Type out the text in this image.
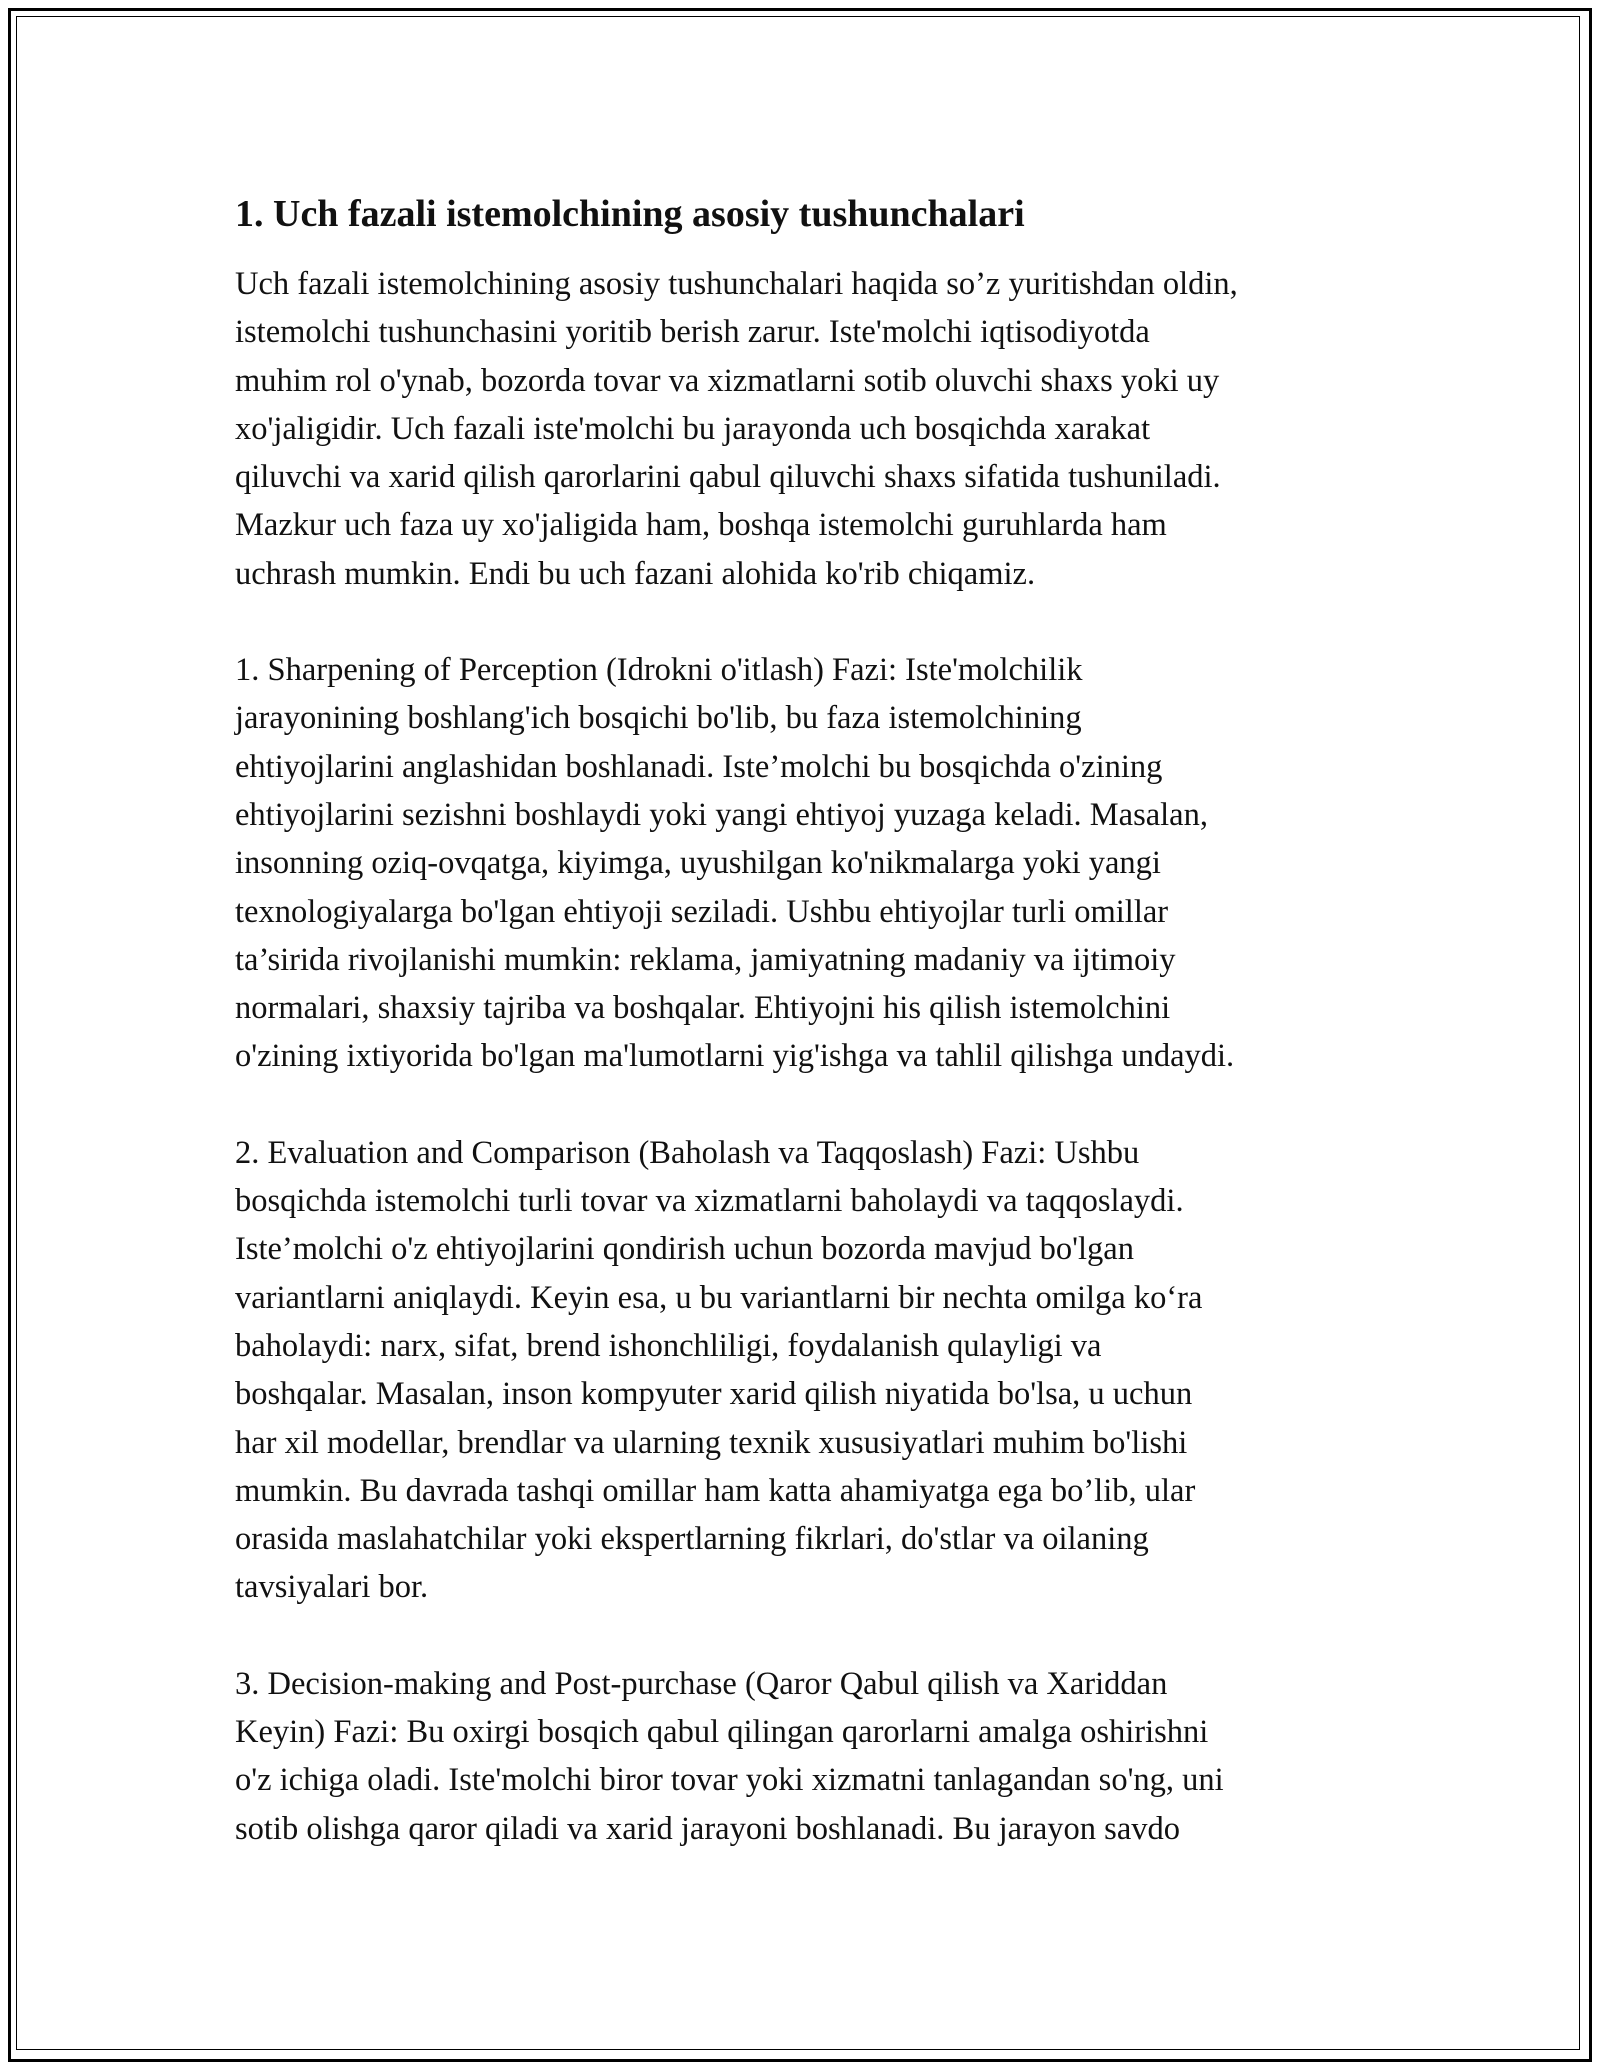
1. Uch fazali istemolchining asosiy tushunchalari

Uch fazali istemolchining asosiy tushunchalari haqida so’z yuritishdan oldin,
istemolchi tushunchasini yoritib berish zarur. Iste'molchi iqtisodiyotda
muhim rol o'ynab, bozorda tovar va xizmatlarni sotib oluvchi shaxs yoki uy
xo'jaligidir. Uch fazali iste'molchi bu jarayonda uch bosqichda xarakat
qiluvchi va xarid qilish qarorlarini qabul qiluvchi shaxs sifatida tushuniladi.
Mazkur uch faza uy xo'jaligida ham, boshqa istemolchi guruhlarda ham
uchrash mumkin. Endi bu uch fazani alohida ko'rib chiqamiz.

1. Sharpening of Perception (Idrokni o'itlash) Fazi: Iste'molchilik
jarayonining boshlang'ich bosqichi bo'lib, bu faza istemolchining
ehtiyojlarini anglashidan boshlanadi. Iste’molchi bu bosqichda o'zining
ehtiyojlarini sezishni boshlaydi yoki yangi ehtiyoj yuzaga keladi. Masalan,
insonning oziq-ovqatga, kiyimga, uyushilgan ko'nikmalarga yoki yangi
texnologiyalarga bo'lgan ehtiyoji seziladi. Ushbu ehtiyojlar turli omillar
ta’sirida rivojlanishi mumkin: reklama, jamiyatning madaniy va ijtimoiy
normalari, shaxsiy tajriba va boshqalar. Ehtiyojni his qilish istemolchini
o'zining ixtiyorida bo'lgan ma'lumotlarni yig'ishga va tahlil qilishga undaydi.

2. Evaluation and Comparison (Baholash va Taqqoslash) Fazi: Ushbu
bosqichda istemolchi turli tovar va xizmatlarni baholaydi va taqqoslaydi.
Iste’molchi o'z ehtiyojlarini qondirish uchun bozorda mavjud bo'lgan
variantlarni aniqlaydi. Keyin esa, u bu variantlarni bir nechta omilga ko‘ra
baholaydi: narx, sifat, brend ishonchliligi, foydalanish qulayligi va
boshqalar. Masalan, inson kompyuter xarid qilish niyatida bo'lsa, u uchun
har xil modellar, brendlar va ularning texnik xususiyatlari muhim bo'lishi
mumkin. Bu davrada tashqi omillar ham katta ahamiyatga ega bo’lib, ular
orasida maslahatchilar yoki ekspertlarning fikrlari, do'stlar va oilaning
tavsiyalari bor.

3. Decision-making and Post-purchase (Qaror Qabul qilish va Xariddan
Keyin) Fazi: Bu oxirgi bosqich qabul qilingan qarorlarni amalga oshirishni
o'z ichiga oladi. Iste'molchi biror tovar yoki xizmatni tanlagandan so'ng, uni
sotib olishga qaror qiladi va xarid jarayoni boshlanadi. Bu jarayon savdo
